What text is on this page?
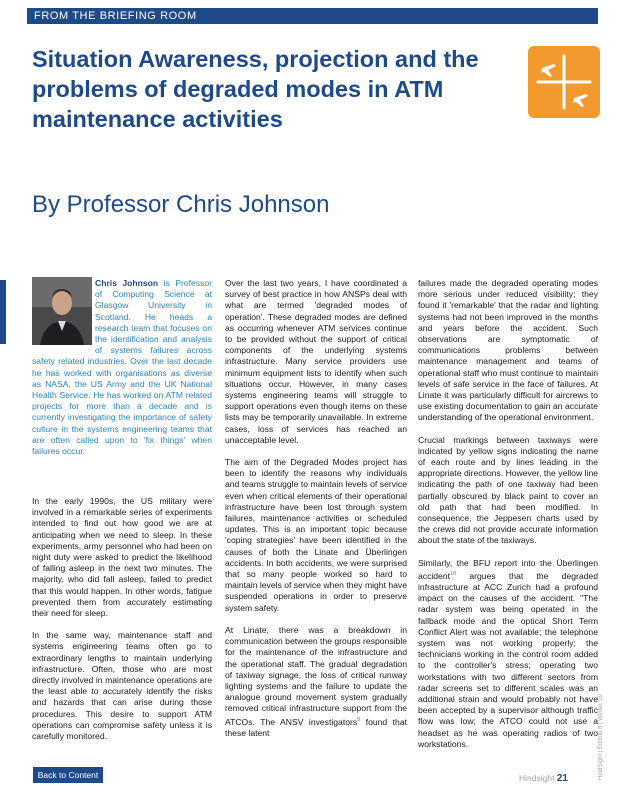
FROM THE BRIEFING ROOM
Situation Awareness, projection and the problems of degraded modes in ATM maintenance activities
By Professor Chris Johnson
Chris Johnson is Professor of Computing Science at Glasgow University in Scotland. He heads a research team that focuses on the identification and analysis of systems failures across safety related industries. Over the last decade he has worked with organisations as diverse as NASA, the US Army and the UK National Health Service. He has worked on ATM related projects for more than a decade and is currently investigating the importance of safety culture in the systems engineering teams that are often called upon to 'fix things' when failures occur.

In the early 1990s, the US military were involved in a remarkable series of experiments intended to find out how good we are at anticipating when we need to sleep. In these experiments, army personnel who had been on night duty were asked to predict the likelihood of falling asleep in the next two minutes. The majority, who did fall asleep, failed to predict that this would happen. In other words, fatigue prevented them from accurately estimating their need for sleep.

In the same way, maintenance staff and systems engineering teams often go to extraordinary lengths to maintain underlying infrastructure. Often, those who are most directly involved in maintenance operations are the least able to accurately identify the risks and hazards that can arise during those procedures. This desire to support ATM operations can compromise safety unless it is carefully monitored.

Over the last two years, I have coordinated a survey of best practice in how ANSPs deal with what are termed 'degraded modes of operation'. These degraded modes are defined as occurring whenever ATM services continue to be provided without the support of critical components of the underlying systems infrastructure. Many service providers use minimum equipment lists to identify when such situations occur. However, in many cases systems engineering teams will struggle to support operations even though items on these lists may be temporarily unavailable. In extreme cases, loss of services has reached an unacceptable level.

The aim of the Degraded Modes project has been to identify the reasons why individuals and teams struggle to maintain levels of service even when critical elements of their operational infrastructure have been lost through system failures, maintenance activities or scheduled updates. This is an important topic because 'coping strategies' have been identified in the causes of both the Linate and Überlingen accidents. In both accidents, we were surprised that so many people worked so hard to maintain levels of service when they might have suspended operations in order to preserve system safety.

At Linate, there was a breakdown in communication between the groups responsible for the maintenance of the infrastructure and the operational staff. The gradual degradation of taxiway signage, the loss of critical runway lighting systems and the failure to update the analogue ground movement system gradually removed critical infrastructure support from the ATCOs. The ANSV investigators$^9$ found that these latent

failures made the degraded operating modes more serious under reduced visibility; they found it 'remarkable' that the radar and lighting systems had not been improved in the months and years before the accident. Such observations are symptomatic of communications problems between maintenance management and teams of operational staff who must continue to maintain levels of safe service in the face of failures. At Linate it was particularly difficult for aircrews to use existing documentation to gain an accurate understanding of the operational environment.

Crucial markings between taxiways were indicated by yellow signs indicating the name of each route and by lines leading in the appropriate directions. However, the yellow line indicating the path of one taxiway had been partially obscured by black paint to cover an old path that had been modified. In consequence, the Jeppesen charts used by the crews did not provide accurate information about the state of the taxiways.

Similarly, the BFU report into the Überlingen accident$^{10}$ argues that the degraded infrastructure at ACC Zurich had a profound impact on the causes of the accident. "The radar system was being operated in the fallback mode and the optical Short Term Conflict Alert was not available; the telephone system was not working properly; the technicians working in the control room added to the controller's stress; operating two workstations with two different sectors from radar screens set to different scales was an additional strain and would probably not have been accepted by a supervisor although traffic flow was low; the ATCO could not use a headset as he was operating radios of two workstations.

Back to Content	Hindsight 21	HindSight | Edition 8 | Winter '09
